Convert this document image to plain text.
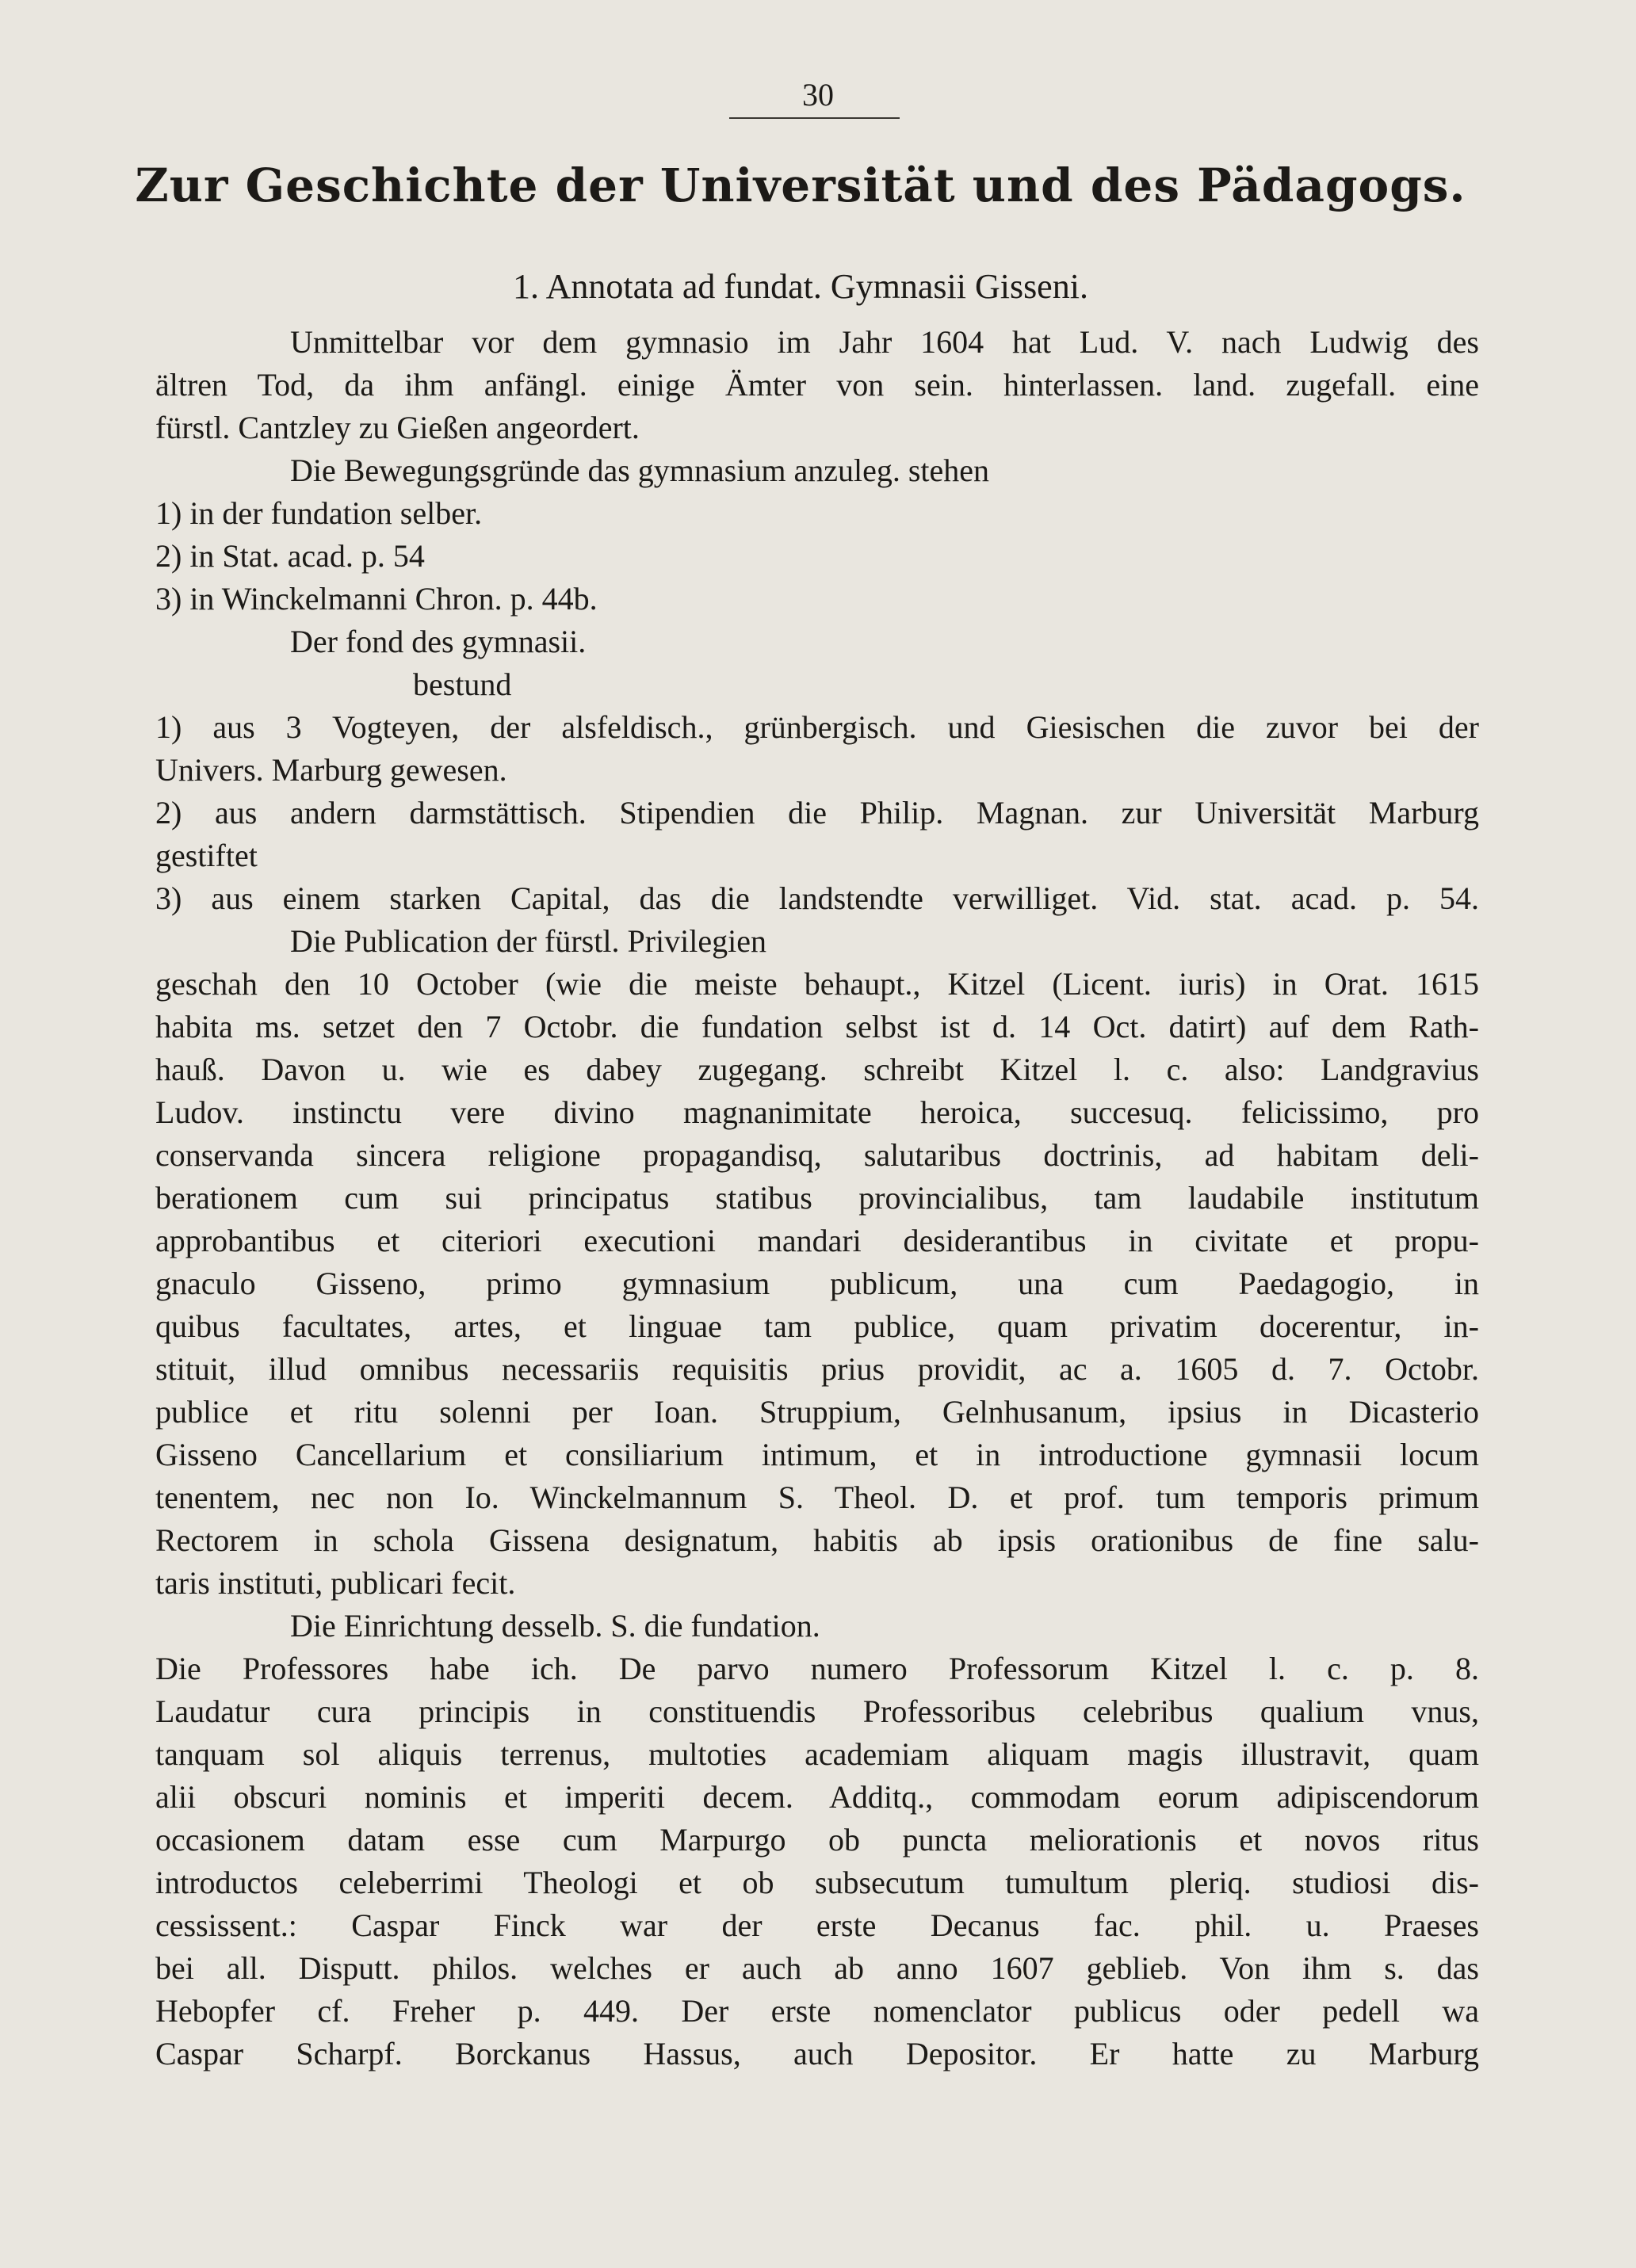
30
Zur Geschichte der Universität und des Pädagogs.
1. Annotata ad fundat. Gymnasii Gisseni.
Unmittelbar vor dem gymnasio im Jahr 1604 hat Lud. V. nach Ludwig des
ältren Tod, da ihm anfängl. einige Ämter von sein. hinterlassen. land. zugefall. eine
fürstl. Cantzley zu Gießen angeordert.
Die Bewegungsgründe das gymnasium anzuleg. stehen
1) in der fundation selber.
2) in Stat. acad. p. 54
3) in Winckelmanni Chron. p. 44b.
Der fond des gymnasii.
bestund
1) aus 3 Vogteyen, der alsfeldisch., grünbergisch. und Giesischen die zuvor bei der
Univers. Marburg gewesen.
2) aus andern darmstättisch. Stipendien die Philip. Magnan. zur Universität Marburg
gestiftet
3) aus einem starken Capital, das die landstendte verwilliget. Vid. stat. acad. p. 54.
Die Publication der fürstl. Privilegien
geschah den 10 October (wie die meiste behaupt., Kitzel (Licent. iuris) in Orat. 1615
habita ms. setzet den 7 Octobr. die fundation selbst ist d. 14 Oct. datirt) auf dem Rath-
hauß. Davon u. wie es dabey zugegang. schreibt Kitzel l. c. also: Landgravius
Ludov. instinctu vere divino magnanimitate heroica, succesuq. felicissimo, pro
conservanda sincera religione propagandisq, salutaribus doctrinis, ad habitam deli-
berationem cum sui principatus statibus provincialibus, tam laudabile institutum
approbantibus et citeriori executioni mandari desiderantibus in civitate et propu-
gnaculo Gisseno, primo gymnasium publicum, una cum Paedagogio, in
quibus facultates, artes, et linguae tam publice, quam privatim docerentur, in-
stituit, illud omnibus necessariis requisitis prius providit, ac a. 1605 d. 7. Octobr.
publice et ritu solenni per Ioan. Struppium, Gelnhusanum, ipsius in Dicasterio
Gisseno Cancellarium et consiliarium intimum, et in introductione gymnasii locum
tenentem, nec non Io. Winckelmannum S. Theol. D. et prof. tum temporis primum
Rectorem in schola Gissena designatum, habitis ab ipsis orationibus de fine salu-
taris instituti, publicari fecit.
Die Einrichtung desselb. S. die fundation.
Die Professores habe ich. De parvo numero Professorum Kitzel l. c. p. 8.
Laudatur cura principis in constituendis Professoribus celebribus qualium vnus,
tanquam sol aliquis terrenus, multoties academiam aliquam magis illustravit, quam
alii obscuri nominis et imperiti decem. Additq., commodam eorum adipiscendorum
occasionem datam esse cum Marpurgo ob puncta meliorationis et novos ritus
introductos celeberrimi Theologi et ob subsecutum tumultum pleriq. studiosi dis-
cessissent.: Caspar Finck war der erste Decanus fac. phil. u. Praeses
bei all. Disputt. philos. welches er auch ab anno 1607 geblieb. Von ihm s. das
Hebopfer cf. Freher p. 449. Der erste nomenclator publicus oder pedell wa
Caspar Scharpf. Borckanus Hassus, auch Depositor. Er hatte zu Marburg
